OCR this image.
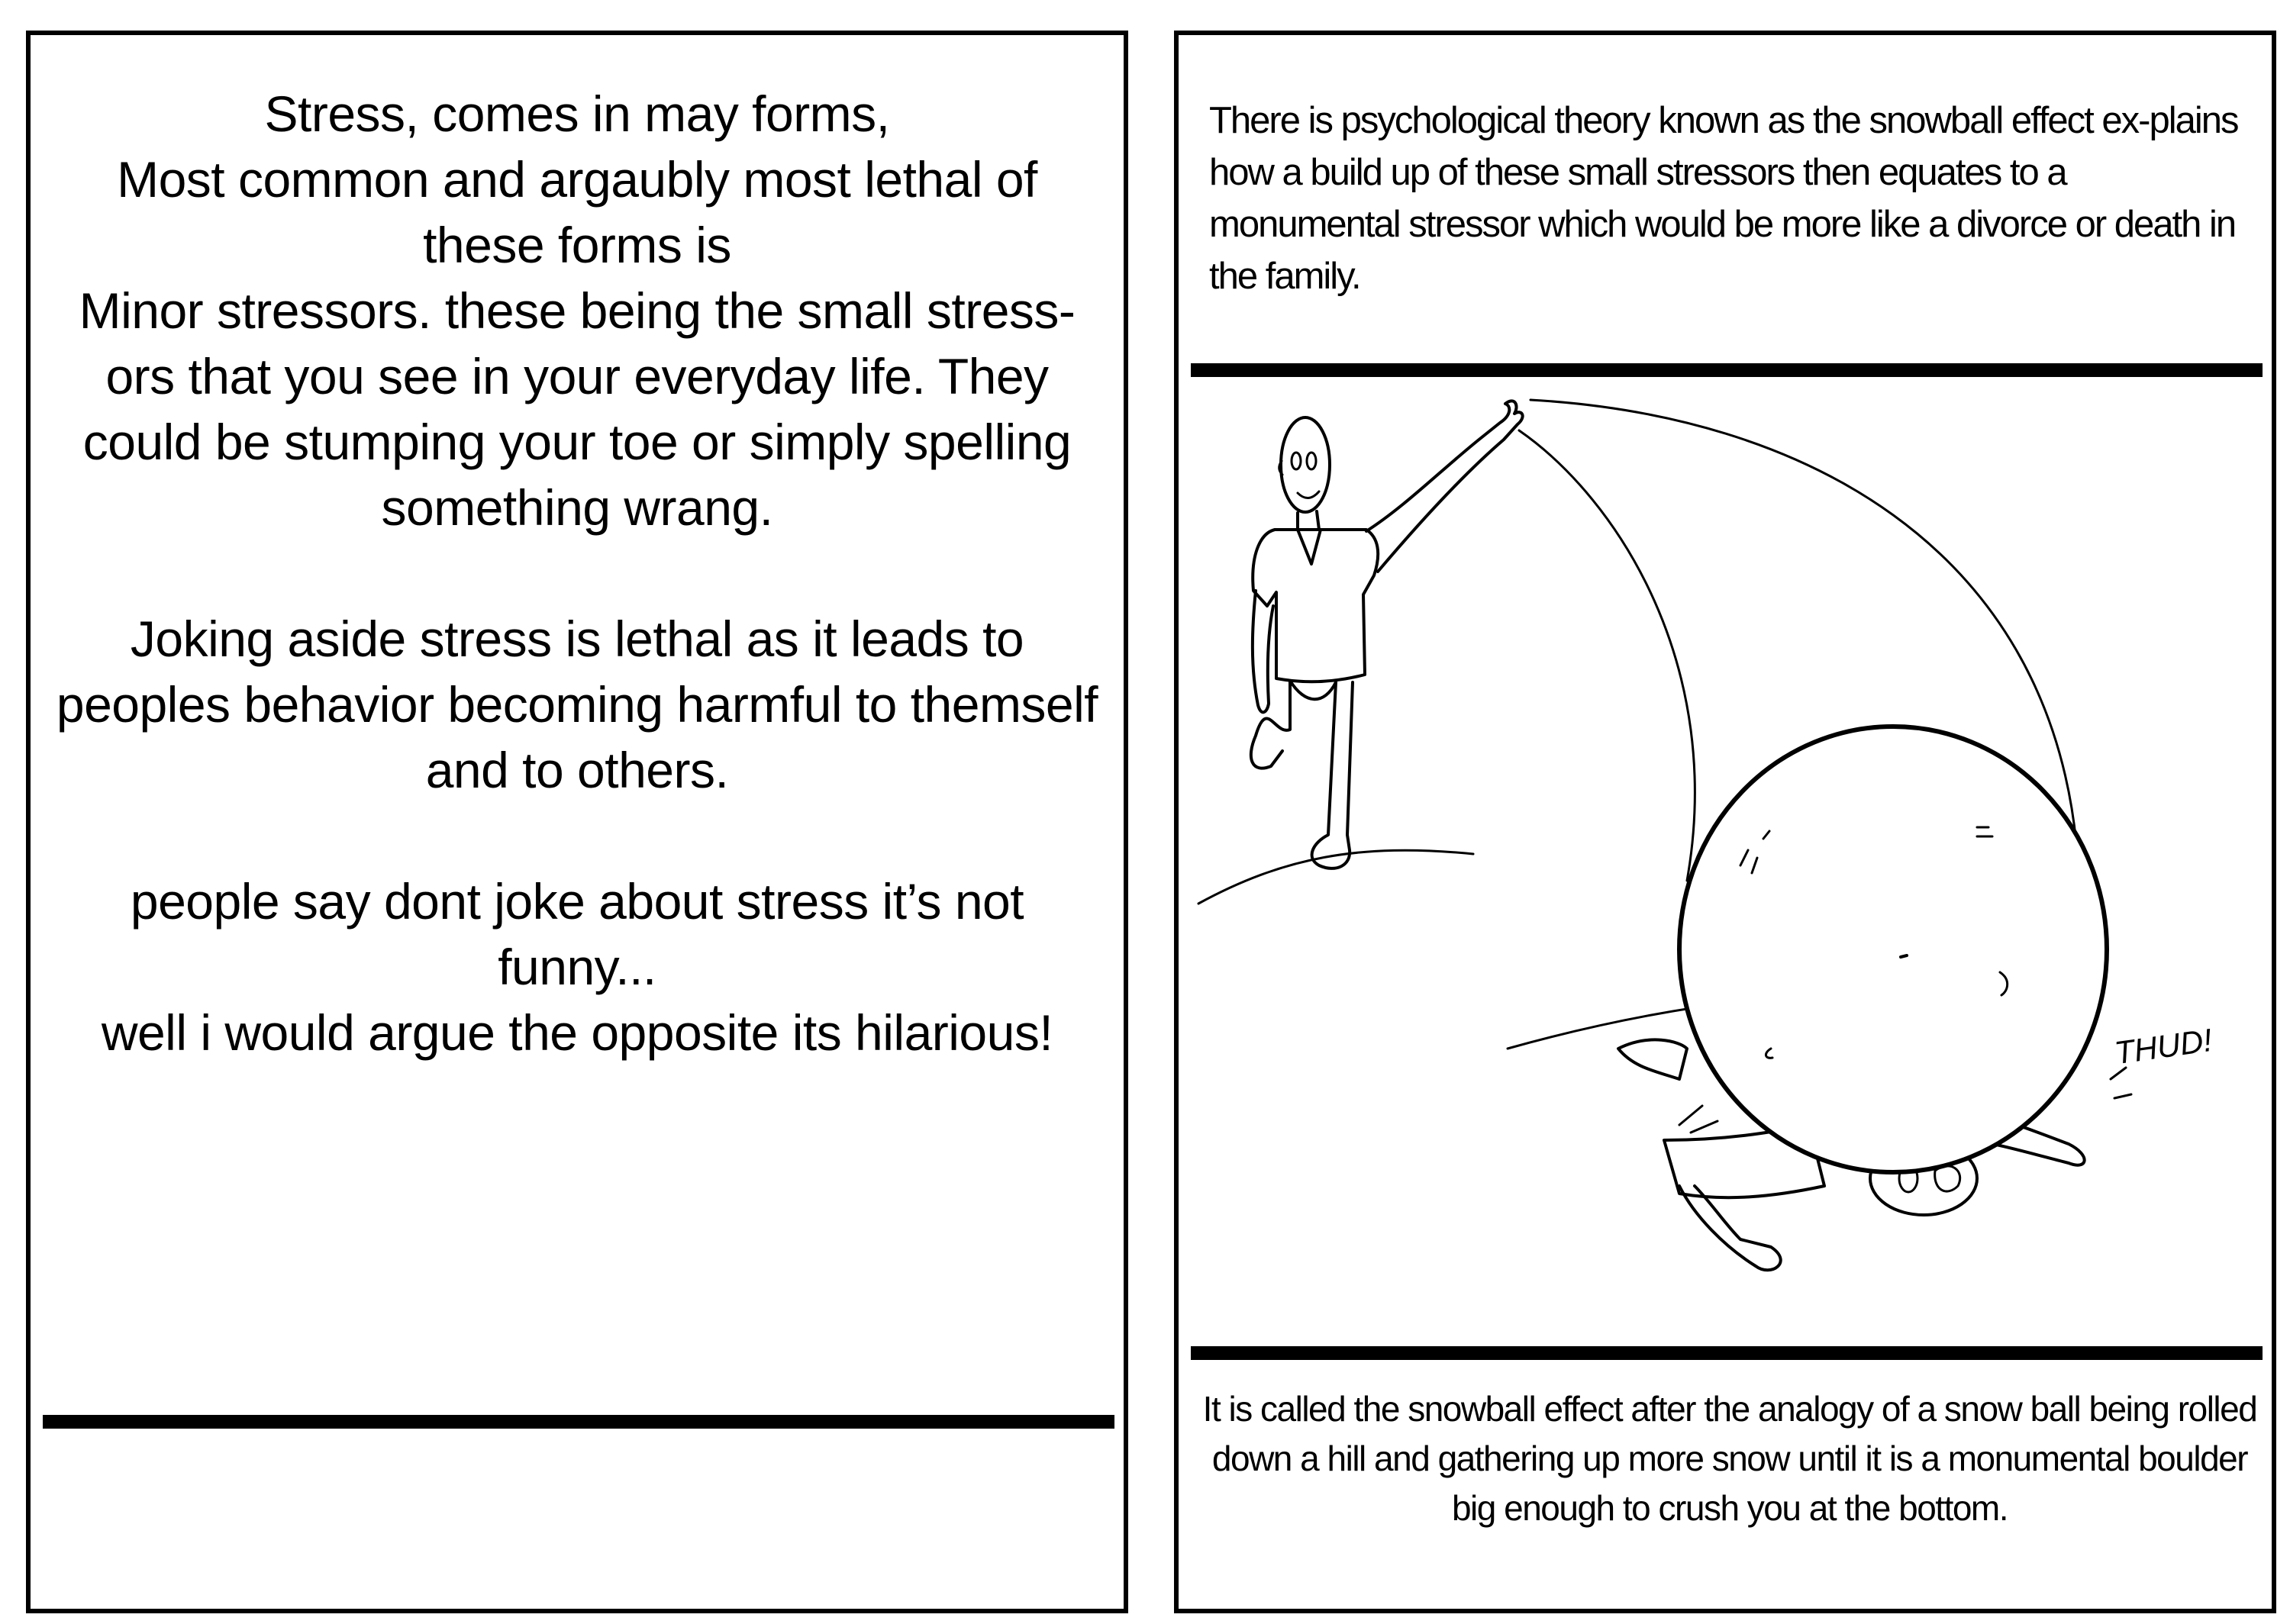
Stress, comes in may forms,

Most common and argaubly most lethal of these forms is

Minor stressors. these being the small stress-ors that you see in your everyday life. They could be stumping your toe or simply spelling something wrang.

Joking aside stress is lethal as it leads to peoples behavior becoming harmful to themself and to others.

people say dont joke about stress it’s not funny...

well i would argue the opposite its hilarious!

There is psychological theory known as the snowball effect ex-plains how a build up of these small stressors then equates to a monumental stressor which would be more like a divorce or death in the family.
THUD!
It is called the snowball effect after the analogy of a snow ball being rolled down a hill and gathering up more snow until it is a monumental boulder big enough to crush you at the bottom.
